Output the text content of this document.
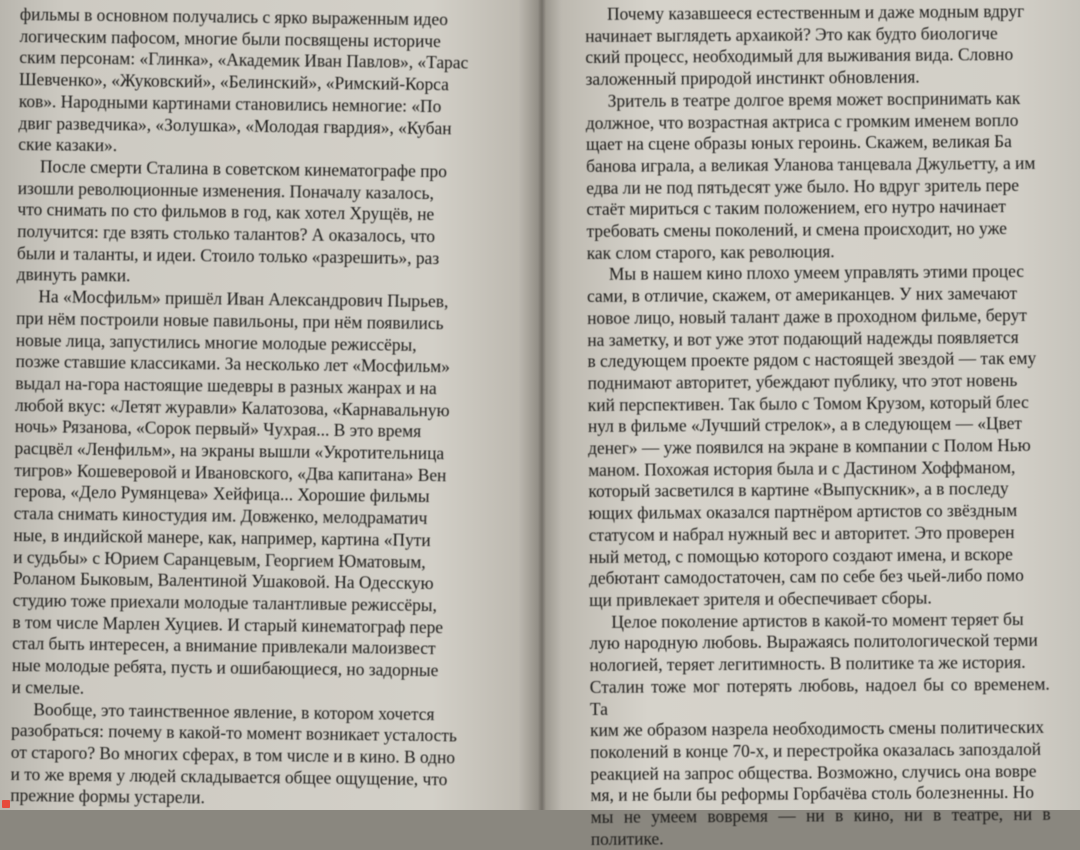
фильмы в основном получались с ярко выраженным идео
логическим пафосом, многие были посвящены историче
ским персонам: «Глинка», «Академик Иван Павлов», «Тарас
Шевченко», «Жуковский», «Белинский», «Римский-Корса
ков». Народными картинами становились немногие: «По
двиг разведчика», «Золушка», «Молодая гвардия», «Кубан
ские казаки».

После смерти Сталина в советском кинематографе про
изошли революционные изменения. Поначалу казалось,
что снимать по сто фильмов в год, как хотел Хрущёв, не
получится: где взять столько талантов? А оказалось, что
были и таланты, и идеи. Стоило только «разрешить», раз
двинуть рамки.

На «Мосфильм» пришёл Иван Александрович Пырьев,
при нём построили новые павильоны, при нём появились
новые лица, запустились многие молодые режиссёры,
позже ставшие классиками. За несколько лет «Мосфильм»
выдал на-гора настоящие шедевры в разных жанрах и на
любой вкус: «Летят журавли» Калатозова, «Карнавальную
ночь» Рязанова, «Сорок первый» Чухрая... В это время
расцвёл «Ленфильм», на экраны вышли «Укротительница
тигров» Кошеверовой и Ивановского, «Два капитана» Вен
герова, «Дело Румянцева» Хейфица... Хорошие фильмы
стала снимать киностудия им. Довженко, мелодраматич
ные, в индийской манере, как, например, картина «Пути
и судьбы» с Юрием Саранцевым, Георгием Юматовым,
Роланом Быковым, Валентиной Ушаковой. На Одесскую
студию тоже приехали молодые талантливые режиссёры,
в том числе Марлен Хуциев. И старый кинематограф пере
стал быть интересен, а внимание привлекали малоизвест
ные молодые ребята, пусть и ошибающиеся, но задорные
и смелые.

Вообще, это таинственное явление, в котором хочется
разобраться: почему в какой-то момент возникает усталость
от старого? Во многих сферах, в том числе и в кино. В одно
и то же время у людей складывается общее ощущение, что
прежние формы устарели.

Почему казавшееся естественным и даже модным вдруг
начинает выглядеть архаикой? Это как будто биологиче
ский процесс, необходимый для выживания вида. Словно
заложенный природой инстинкт обновления.

Зритель в театре долгое время может воспринимать как
должное, что возрастная актриса с громким именем вопло
щает на сцене образы юных героинь. Скажем, великая Ба
банова играла, а великая Уланова танцевала Джульетту, а им
едва ли не под пятьдесят уже было. Но вдруг зритель пере
стаёт мириться с таким положением, его нутро начинает
требовать смены поколений, и смена происходит, но уже
как слом старого, как революция.

Мы в нашем кино плохо умеем управлять этими процес
сами, в отличие, скажем, от американцев. У них замечают
новое лицо, новый талант даже в проходном фильме, берут
на заметку, и вот уже этот подающий надежды появляется
в следующем проекте рядом с настоящей звездой — так ему
поднимают авторитет, убеждают публику, что этот новень
кий перспективен. Так было с Томом Крузом, который блес
нул в фильме «Лучший стрелок», а в следующем — «Цвет
денег» — уже появился на экране в компании с Полом Нью
маном. Похожая история была и с Дастином Хоффманом,
который засветился в картине «Выпускник», а в последу
ющих фильмах оказался партнёром артистов со звёздным
статусом и набрал нужный вес и авторитет. Это проверен
ный метод, с помощью которого создают имена, и вскоре
дебютант самодостаточен, сам по себе без чьей-либо помо
щи привлекает зрителя и обеспечивает сборы.

Целое поколение артистов в какой-то момент теряет бы
лую народную любовь. Выражаясь политологической терми
нологией, теряет легитимность. В политике та же история.
Сталин тоже мог потерять любовь, надоел бы со временем. Та
ким же образом назрела необходимость смены политических
поколений в конце 70-х, и перестройка оказалась запоздалой
реакцией на запрос общества. Возможно, случись она вовре
мя, и не были бы реформы Горбачёва столь болезненны. Но
мы не умеем вовремя — ни в кино, ни в театре, ни в политике.
